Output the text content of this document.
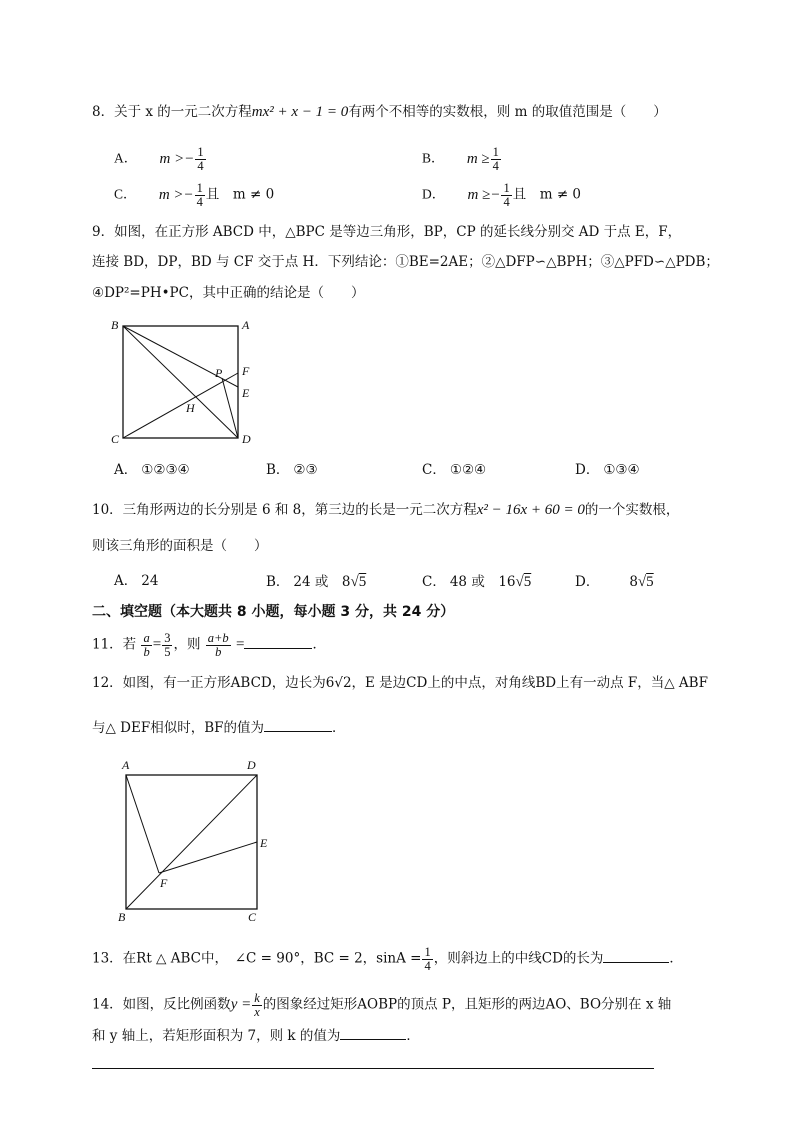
8．关于 x 的一元二次方程mx² + x − 1 = 0有两个不相等的实数根，则 m 的取值范围是（　　）
A． $m >- \frac{1}{4}$	B． $m \ge \frac{1}{4}$
C． $m >- \frac{1}{4}$ 且　m ≠ 0	D． $m \ge- \frac{1}{4}$ 且　m ≠ 0
9．如图，在正方形 ABCD 中，△BPC 是等边三角形，BP，CP 的延长线分别交 AD 于点 E，F，
连接 BD，DP，BD 与 CF 交于点 H．下列结论：①BE=2AE；②△DFP∽△BPH；③△PFD∽△PDB；
④DP²=PH•PC，其中正确的结论是（　　）
B	A
P F
E
H
C	D
A． ①②③④	B． ②③	C． ①②④	D． ①③④
10．三角形两边的长分别是 6 和 8，第三边的长是一元二次方程x² − 16x + 60 = 0的一个实数根，
则该三角形的面积是（　　）
A． 24	B． 24 或　8√5	C． 48 或　16√5	D． 8√5
二、填空题（本大题共 8 小题，每小题 3 分，共 24 分）
11．若 $\frac{a}{b} = \frac{3}{5}$ ，则 $\frac{a+b}{b}$ =	．
12．如图，有一正方形ABCD，边长为6√2，E 是边CD上的中点，对角线BD上有一动点 F，当△ ABF
与△ DEF相似时，BF的值为	．
A	D
E
F
B	C
13．在Rt △ ABC中，　∠C = 90°，BC = 2，$\sin A = \frac{1}{4}$ ，则斜边上的中线CD的长为	．
14．如图，反比例函数$y = \frac{k}{x}$ 的图象经过矩形AOBP的顶点 P，且矩形的两边AO、BO分别在 x 轴
和 y 轴上，若矩形面积为 7，则 k 的值为	．
